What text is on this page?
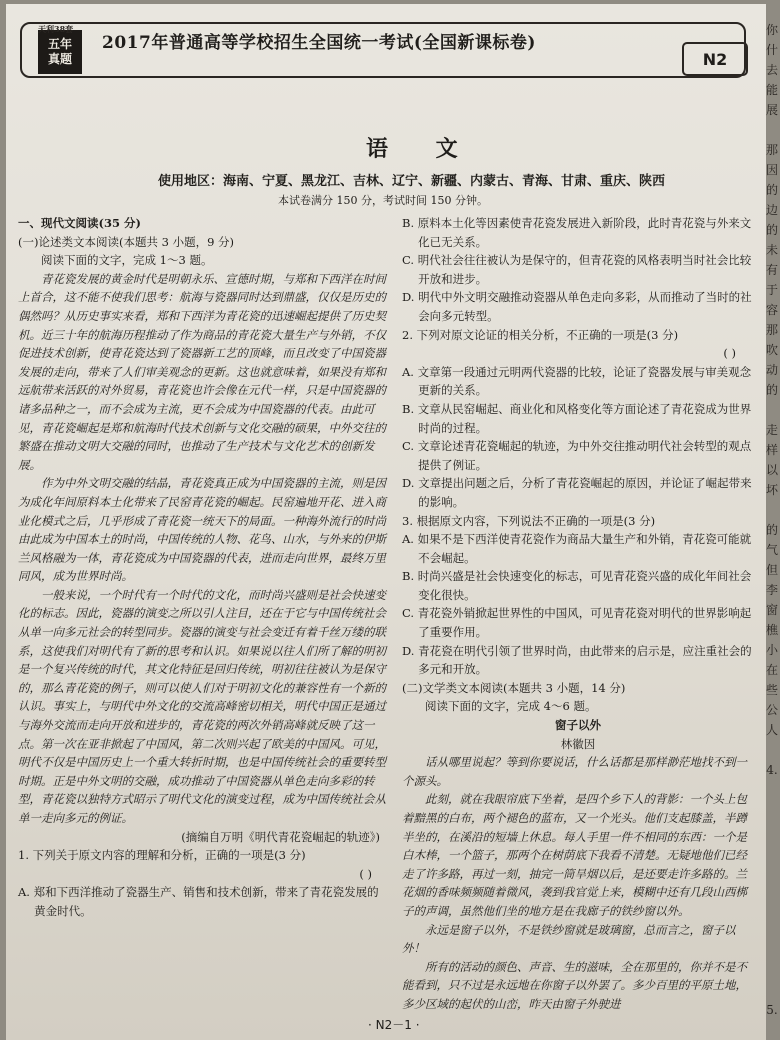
天利38套
五年
真题	N2
2017年普通高等学校招生全国统一考试(全国新课标卷)
语 文
使用地区：海南、宁夏、黑龙江、吉林、辽宁、新疆、内蒙古、青海、甘肃、重庆、陕西
本试卷满分 150 分，考试时间 150 分钟。

一、现代文阅读(35 分)

(一)论述类文本阅读(本题共 3 小题，9 分)

阅读下面的文字，完成 1～3 题。

青花瓷发展的黄金时代是明朝永乐、宣德时期，与郑和下西洋在时间上首合，这不能不使我们思考：航海与瓷器同时达到鼎盛，仅仅是历史的偶然吗？从历史事实来看，郑和下西洋为青花瓷的迅速崛起提供了历史契机。近三十年的航海历程推动了作为商品的青花瓷大量生产与外销，不仅促进技术创新，使青花瓷达到了瓷器新工艺的顶峰，而且改变了中国瓷器发展的走向，带来了人们审美观念的更新。这也就意味着，如果没有郑和远航带来活跃的对外贸易，青花瓷也许会像在元代一样，只是中国瓷器的诸多品种之一，而不会成为主流，更不会成为中国瓷器的代表。由此可见，青花瓷崛起是郑和航海时代技术创新与文化交融的硕果，中外交往的繁盛在推动文明大交融的同时，也推动了生产技术与文化艺术的创新发展。

作为中外文明交融的结晶，青花瓷真正成为中国瓷器的主流，则是因为成化年间原料本土化带来了民窑青花瓷的崛起。民窑遍地开花、进入商业化模式之后，几乎形成了青花瓷一统天下的局面。一种海外流行的时尚由此成为中国本土的时尚，中国传统的人物、花鸟、山水，与外来的伊斯兰风格融为一体，青花瓷成为中国瓷器的代表，进而走向世界，最终万里同风，成为世界时尚。

一般来说，一个时代有一个时代的文化，而时尚兴盛则是社会快速变化的标志。因此，瓷器的演变之所以引人注目，还在于它与中国传统社会从单一向多元社会的转型同步。瓷器的演变与社会变迁有着千丝万缕的联系，这使我们对明代有了新的思考和认识。如果说以往人们所了解的明初是一个复兴传统的时代，其文化特征是回归传统，明初往往被认为是保守的，那么青花瓷的例子，则可以使人们对于明初文化的兼容性有一个新的认识。事实上，与明代中外文化的交流高峰密切相关，明代中国正是通过与海外交流而走向开放和进步的，青花瓷的两次外销高峰就反映了这一点。第一次在亚非掀起了中国风，第二次则兴起了欧美的中国风。可见，明代不仅是中国历史上一个重大转折时期，也是中国传统社会的重要转型时期。正是中外文明的交融，成功推动了中国瓷器从单色走向多彩的转型，青花瓷以独特方式昭示了明代文化的演变过程，成为中国传统社会从单一走向多元的例证。

(摘编自万明《明代青花瓷崛起的轨迹》)

1. 下列关于原文内容的理解和分析，正确的一项是(3 分)

( )

A. 郑和下西洋推动了瓷器生产、销售和技术创新，带来了青花瓷发展的黄金时代。

B. 原料本土化等因素使青花瓷发展进入新阶段，此时青花瓷与外来文化已无关系。

C. 明代社会往往被认为是保守的，但青花瓷的风格表明当时社会比较开放和进步。

D. 明代中外文明交融推动瓷器从单色走向多彩，从而推动了当时的社会向多元转型。

2. 下列对原文论证的相关分析，不正确的一项是(3 分)

( )

A. 文章第一段通过元明两代瓷器的比较，论证了瓷器发展与审美观念更新的关系。

B. 文章从民窑崛起、商业化和风格变化等方面论述了青花瓷成为世界时尚的过程。

C. 文章论述青花瓷崛起的轨迹，为中外交往推动明代社会转型的观点提供了例证。

D. 文章提出问题之后，分析了青花瓷崛起的原因，并论证了崛起带来的影响。

3. 根据原文内容，下列说法不正确的一项是(3 分)

A. 如果不是下西洋使青花瓷作为商品大量生产和外销，青花瓷可能就不会崛起。

B. 时尚兴盛是社会快速变化的标志，可见青花瓷兴盛的成化年间社会变化很快。

C. 青花瓷外销掀起世界性的中国风，可见青花瓷对明代的世界影响起了重要作用。

D. 青花瓷在明代引领了世界时尚，由此带来的启示是，应注重社会的多元和开放。

(二)文学类文本阅读(本题共 3 小题，14 分)

阅读下面的文字，完成 4～6 题。

窗子以外

林徽因

话从哪里说起？等到你要说话，什么话都是那样渺茫地找不到一个源头。

此刻，就在我眼帘底下坐着，是四个乡下人的背影：一个头上包着黯黑的白布，两个褪色的蓝布，又一个光头。他们支起膝盖，半蹲半坐的，在溪沿的短墙上休息。每人手里一件不相同的东西：一个是白木棒，一个篮子，那两个在树荫底下我看不清楚。无疑地他们已经走了许多路，再过一刻，抽完一筒旱烟以后，是还要走许多路的。兰花烟的香味频频随着微风，袭到我官觉上来，模糊中还有几段山西梆子的声调，虽然他们坐的地方是在我廊子的铁纱窗以外。

永远是窗子以外，不是铁纱窗就是玻璃窗，总而言之，窗子以外！

所有的活动的颜色、声音、生的滋味，全在那里的，你并不是不能看到，只不过是永远地在你窗子以外罢了。多少百里的平原土地，多少区域的起伏的山峦，昨天由窗子外驶进

· N2－1 ·
你
什
去
能
展

那
因
的
边
的
未
有
于
容
那
吹
动
的

走
样
以
坏

的
气
但
李
窗
樵
小
在
些
公
人

4.

5.
